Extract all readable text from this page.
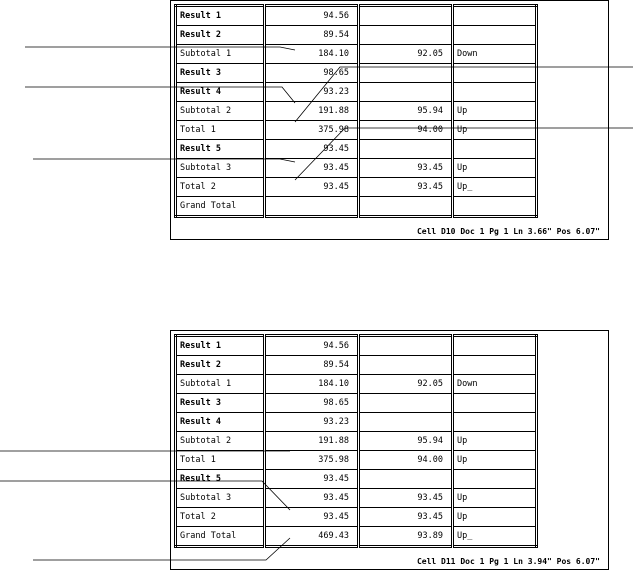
Result 1	94.56		
Result 2	89.54		
Subtotal 1	184.10	92.05	Down
Result 3	98.65		
Result 4	93.23		
Subtotal 2	191.88	95.94	Up
Total 1	375.98	94.00	Up
Result 5	93.45		
Subtotal 3	93.45	93.45	Up
Total 2	93.45	93.45	Up_
Grand Total			
Cell D10 Doc 1 Pg 1 Ln 3.66" Pos 6.07"
Result 1	94.56		
Result 2	89.54		
Subtotal 1	184.10	92.05	Down
Result 3	98.65		
Result 4	93.23		
Subtotal 2	191.88	95.94	Up
Total 1	375.98	94.00	Up
Result 5	93.45		
Subtotal 3	93.45	93.45	Up
Total 2	93.45	93.45	Up
Grand Total	469.43	93.89	Up_
Cell D11 Doc 1 Pg 1 Ln 3.94" Pos 6.07"
